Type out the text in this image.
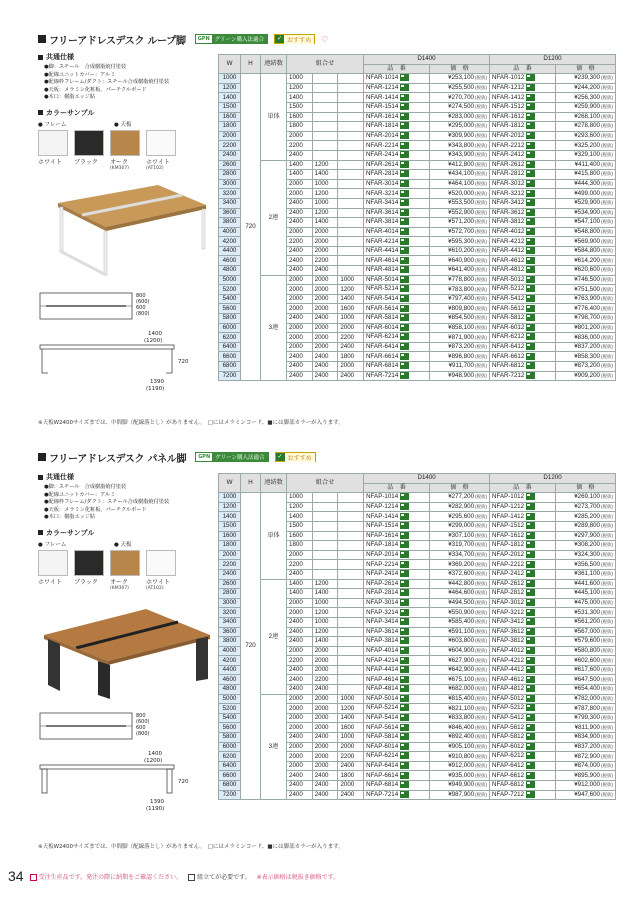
フリーアドレスデスク ループ脚	GPN グリーン購入法適合	✓ おすすめ	♡
共通仕様
●脚：スチール　合成樹脂焼付塗装
●配線ユニットカバー：アルミ
●配線枠フレーム/ダクト：スチール合成樹脂焼付塗装
●天板：メラミン化粧板、パーチクルボード
●木口：樹脂エッジ貼
カラーサンプル
● フレーム	● 天板
ホワイト ブラック オーク
(KM307)
ホワイト
(AT102)

800
(600)
600
(800)
1400
(1200)
720
1390
(1190)
W	H	連結数	組合せ			D1400		D1200	
						品　番	価　格	品　番	価　格
1000	720	単体	1000			NFAR-1014	¥253,100(税抜)	NFAR-1012	¥239,300(税抜)
1200			1200			NFAR-1214	¥255,500(税抜)	NFAR-1212	¥244,200(税抜)
1400			1400			NFAR-1414	¥270,700(税抜)	NFAR-1412	¥256,300(税抜)
1500			1500			NFAR-1514	¥274,500(税抜)	NFAR-1512	¥259,900(税抜)
1600			1600			NFAR-1614	¥283,000(税抜)	NFAR-1612	¥268,100(税抜)
1800			1800			NFAR-1814	¥295,000(税抜)	NFAR-1812	¥278,800(税抜)
2000			2000			NFAR-2014	¥309,900(税抜)	NFAR-2012	¥293,600(税抜)
2200			2200			NFAR-2214	¥343,800(税抜)	NFAR-2212	¥325,200(税抜)
2400			2400			NFAR-2414	¥343,900(税抜)	NFAR-2412	¥329,100(税抜)
2600		2連	1400	1200		NFAR-2614	¥412,800(税抜)	NFAR-2612	¥411,400(税抜)
2800			1400	1400		NFAR-2814	¥434,100(税抜)	NFAR-2812	¥415,800(税抜)
3000			2000	1000		NFAR-3014	¥464,100(税抜)	NFAR-3012	¥444,300(税抜)
3200			2000	1200		NFAR-3214	¥520,000(税抜)	NFAR-3212	¥499,000(税抜)
3400			2400	1000		NFAR-3414	¥553,500(税抜)	NFAR-3412	¥529,900(税抜)
3600			2400	1200		NFAR-3614	¥552,900(税抜)	NFAR-3612	¥534,900(税抜)
3800			2400	1400		NFAR-3814	¥571,200(税抜)	NFAR-3812	¥547,100(税抜)
4000			2000	2000		NFAR-4014	¥572,700(税抜)	NFAR-4012	¥548,800(税抜)
4200			2200	2000		NFAR-4214	¥595,300(税抜)	NFAR-4212	¥569,900(税抜)
4400			2400	2000		NFAR-4414	¥610,200(税抜)	NFAR-4412	¥584,800(税抜)
4600			2400	2200		NFAR-4614	¥640,900(税抜)	NFAR-4612	¥614,200(税抜)
4800			2400	2400		NFAR-4814	¥641,400(税抜)	NFAR-4812	¥620,600(税抜)
5000		3連	2000	2000	1000	NFAR-5014	¥778,800(税抜)	NFAR-5012	¥746,500(税抜)
5200			2000	2000	1200	NFAR-5214	¥783,800(税抜)	NFAR-5212	¥751,500(税抜)
5400			2000	2000	1400	NFAR-5414	¥797,400(税抜)	NFAR-5412	¥763,900(税抜)
5600			2000	2000	1600	NFAR-5614	¥809,800(税抜)	NFAR-5612	¥776,400(税抜)
5800			2400	2400	1000	NFAR-5814	¥854,500(税抜)	NFAR-5812	¥798,700(税抜)
6000			2000	2000	2000	NFAR-6014	¥858,100(税抜)	NFAR-6012	¥801,200(税抜)
6200			2000	2000	2200	NFAR-6214	¥871,900(税抜)	NFAR-6212	¥836,000(税抜)
6400			2000	2000	2400	NFAR-6414	¥873,200(税抜)	NFAR-6412	¥837,200(税抜)
6600			2400	2400	1800	NFAR-6614	¥896,800(税抜)	NFAR-6612	¥858,300(税抜)
6800			2400	2400	2000	NFAR-6814	¥911,700(税抜)	NFAR-6812	¥873,200(税抜)
7200			2400	2400	2400	NFAR-7214	¥948,900(税抜)	NFAR-7212	¥909,200(税抜)
※天板W2400サイズまでは、中間脚（配線落とし）がありません。　□にはメラミンコード、■には脚部カラーが入ります。
フリーアドレスデスク パネル脚	GPN グリーン購入法適合	✓ おすすめ
共通仕様
●脚：スチール　合成樹脂焼付塗装
●配線ユニットカバー：アルミ
●配線枠フレーム/ダクト：スチール合成樹脂焼付塗装
●天板：メラミン化粧板、パーチクルボード
●木口：樹脂エッジ貼
カラーサンプル
● フレーム	● 天板
ホワイト ブラック オーク
(KM307)
ホワイト
(AT102)

800
(600)
600
(800)
1400
(1200)
720
1390
(1190)
W	H	連結数	組合せ			D1400		D1200	
						品　番	価　格	品　番	価　格
1000	720	単体	1000			NFAP-1014	¥277,200(税抜)	NFAP-1012	¥269,100(税抜)
1200			1200			NFAP-1214	¥282,900(税抜)	NFAP-1212	¥273,700(税抜)
1400			1400			NFAP-1414	¥295,600(税抜)	NFAP-1412	¥285,200(税抜)
1500			1500			NFAP-1514	¥299,000(税抜)	NFAP-1512	¥289,800(税抜)
1600			1600			NFAP-1614	¥307,100(税抜)	NFAP-1612	¥297,900(税抜)
1800			1800			NFAP-1814	¥319,700(税抜)	NFAP-1812	¥308,200(税抜)
2000			2000			NFAP-2014	¥334,700(税抜)	NFAP-2012	¥324,300(税抜)
2200			2200			NFAP-2214	¥369,200(税抜)	NFAP-2212	¥356,500(税抜)
2400			2400			NFAP-2414	¥372,600(税抜)	NFAP-2412	¥361,100(税抜)
2600		2連	1400	1200		NFAP-2614	¥442,800(税抜)	NFAP-2612	¥441,600(税抜)
2800			1400	1400		NFAP-2814	¥464,600(税抜)	NFAP-2812	¥445,100(税抜)
3000			2000	1000		NFAP-3014	¥494,500(税抜)	NFAP-3012	¥475,000(税抜)
3200			2000	1200		NFAP-3214	¥550,900(税抜)	NFAP-3212	¥531,300(税抜)
3400			2400	1000		NFAP-3414	¥585,400(税抜)	NFAP-3412	¥561,200(税抜)
3600			2400	1200		NFAP-3614	¥591,100(税抜)	NFAP-3612	¥567,000(税抜)
3800			2400	1400		NFAP-3814	¥603,800(税抜)	NFAP-3812	¥579,600(税抜)
4000			2000	2000		NFAP-4014	¥604,900(税抜)	NFAP-4012	¥580,800(税抜)
4200			2200	2000		NFAP-4214	¥627,900(税抜)	NFAP-4212	¥602,600(税抜)
4400			2400	2000		NFAP-4414	¥642,900(税抜)	NFAP-4412	¥617,600(税抜)
4600			2400	2200		NFAP-4614	¥675,100(税抜)	NFAP-4612	¥647,500(税抜)
4800			2400	2400		NFAP-4814	¥682,000(税抜)	NFAP-4812	¥654,400(税抜)
5000		3連	2000	2000	1000	NFAP-5014	¥815,400(税抜)	NFAP-5012	¥782,000(税抜)
5200			2000	2000	1200	NFAP-5214	¥821,100(税抜)	NFAP-5212	¥787,800(税抜)
5400			2000	2000	1400	NFAP-5414	¥833,800(税抜)	NFAP-5412	¥799,300(税抜)
5600			2000	2000	1600	NFAP-5614	¥846,400(税抜)	NFAP-5612	¥811,900(税抜)
5800			2400	2400	1000	NFAP-5814	¥892,400(税抜)	NFAP-5812	¥834,900(税抜)
6000			2000	2000	2000	NFAP-6014	¥905,100(税抜)	NFAP-6012	¥837,200(税抜)
6200			2000	2000	2200	NFAP-6214	¥910,800(税抜)	NFAP-6212	¥872,900(税抜)
6400			2000	2000	2400	NFAP-6414	¥912,000(税抜)	NFAP-6412	¥874,000(税抜)
6600			2400	2400	1800	NFAP-6614	¥935,000(税抜)	NFAP-6612	¥895,900(税抜)
6800			2400	2400	2000	NFAP-6814	¥949,900(税抜)	NFAP-6812	¥912,000(税抜)
7200			2400	2400	2400	NFAP-7214	¥987,900(税抜)	NFAP-7212	¥947,600(税抜)
※天板W2400サイズまでは、中間脚（配線落とし）がありません。　□にはメラミンコード、■には脚部カラーが入ります。
34	受注生産品です。発注の際に納期をご確認ください。	組立てが必要です。 ※表示価格は税抜き価格です。
